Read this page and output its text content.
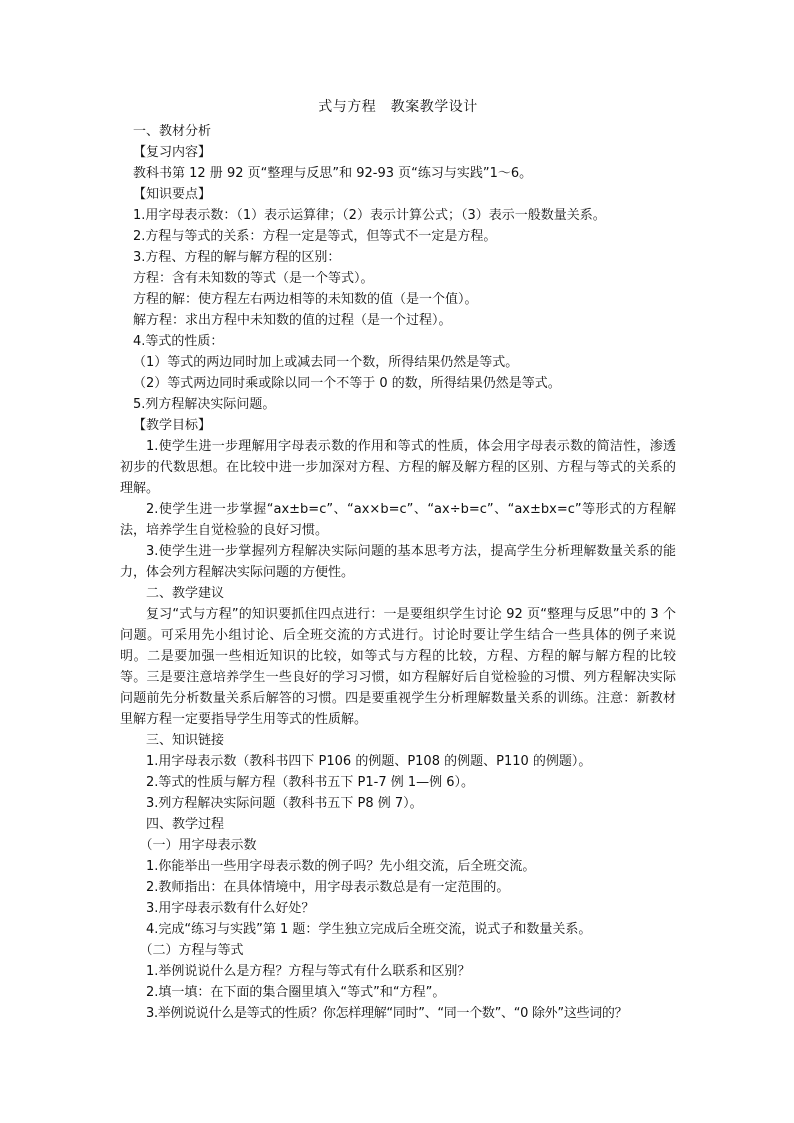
式与方程　教案教学设计
一、教材分析
【复习内容】
教科书第 12 册 92 页“整理与反思”和 92-93 页“练习与实践”1～6。
【知识要点】
1.用字母表示数：（1）表示运算律；（2）表示计算公式；（3）表示一般数量关系。
2.方程与等式的关系：方程一定是等式，但等式不一定是方程。
3.方程、方程的解与解方程的区别：
方程：含有未知数的等式（是一个等式）。
方程的解：使方程左右两边相等的未知数的值（是一个值）。
解方程：求出方程中未知数的值的过程（是一个过程）。
4.等式的性质：
（1）等式的两边同时加上或减去同一个数，所得结果仍然是等式。
（2）等式两边同时乘或除以同一个不等于 0 的数，所得结果仍然是等式。
5.列方程解决实际问题。
【教学目标】
1.使学生进一步理解用字母表示数的作用和等式的性质，体会用字母表示数的简洁性，渗透初步的代数思想。在比较中进一步加深对方程、方程的解及解方程的区别、方程与等式的关系的理解。
2.使学生进一步掌握“ax±b=c”、“ax×b=c”、“ax÷b=c”、“ax±bx=c”等形式的方程解法，培养学生自觉检验的良好习惯。
3.使学生进一步掌握列方程解决实际问题的基本思考方法，提高学生分析理解数量关系的能力，体会列方程解决实际问题的方便性。
二、教学建议
复习“式与方程”的知识要抓住四点进行：一是要组织学生讨论 92 页“整理与反思”中的 3 个问题。可采用先小组讨论、后全班交流的方式进行。讨论时要让学生结合一些具体的例子来说明。二是要加强一些相近知识的比较，如等式与方程的比较，方程、方程的解与解方程的比较等。三是要注意培养学生一些良好的学习习惯，如方程解好后自觉检验的习惯、列方程解决实际问题前先分析数量关系后解答的习惯。四是要重视学生分析理解数量关系的训练。注意：新教材里解方程一定要指导学生用等式的性质解。
三、知识链接
1.用字母表示数（教科书四下 P106 的例题、P108 的例题、P110 的例题）。
2.等式的性质与解方程（教科书五下 P1-7 例 1—例 6）。
3.列方程解决实际问题（教科书五下 P8 例 7）。
四、教学过程
（一）用字母表示数
1.你能举出一些用字母表示数的例子吗？先小组交流，后全班交流。
2.教师指出：在具体情境中，用字母表示数总是有一定范围的。
3.用字母表示数有什么好处？
4.完成“练习与实践”第 1 题：学生独立完成后全班交流，说式子和数量关系。
（二）方程与等式
1.举例说说什么是方程？方程与等式有什么联系和区别？
2.填一填：在下面的集合圈里填入“等式”和“方程”。
3.举例说说什么是等式的性质？你怎样理解“同时”、“同一个数”、“0 除外”这些词的？
